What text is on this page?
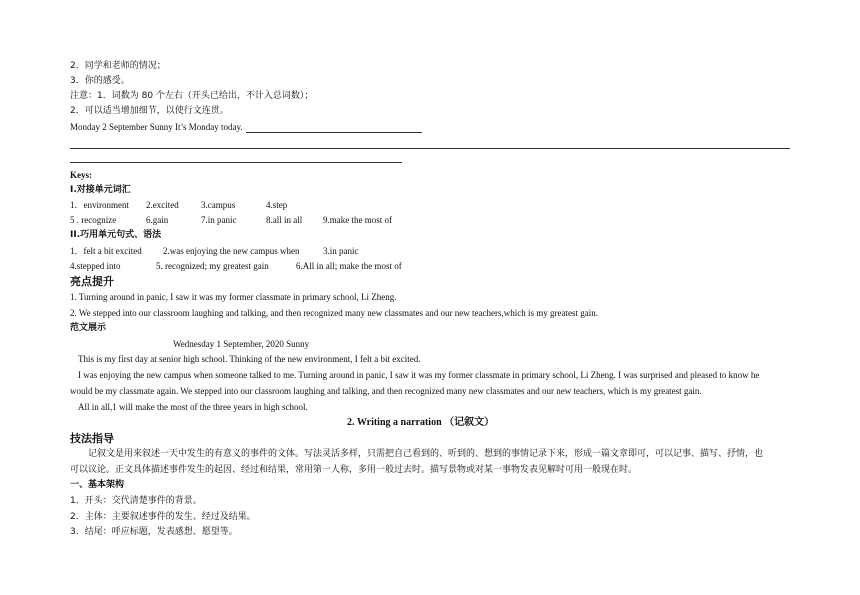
2．同学和老师的情况；
3．你的感受。
注意：1．词数为 80 个左右（开头已给出，不计入总词数）；
2．可以适当增加细节，以使行文连贯。
Monday 2 September Sunny It’s Monday today.
Keys:
I.对接单元词汇
1．environment 2.excited 3.campus	4.step
5 . recognize	6.gain	7.in panic	8.all in all 9.make the most of
II.巧用单元句式、语法
1．felt a bit excited 2.was enjoying the new campus when	3.in panic
4.stepped into	5. recognized; my greatest gain	6.All in all; make the most of
亮点提升
1. Turning around in panic, I saw it was my former classmate in primary school, Li Zheng.
2. We stepped into our classroom laughing and talking, and then recognized many new classmates and our new teachers,which is my greatest gain.
范文展示
Wednesday 1 September, 2020 Sunny
This is my first day at senior high school. Thinking of the new environment, I felt a bit excited.
I was enjoying the new campus when someone talked to me. Turning around in panic, I saw it was my former classmate in primary school, Li Zheng. I was surprised and pleased to know he
would be my classmate again. We stepped into our classroom laughing and talking, and then recognized many new classmates and our new teachers, which is my greatest gain.
All in all,1 will make the most of the three years in high school.
2. Writing a narration （记叙文）
技法指导
记叙文是用来叙述一天中发生的有意义的事件的文体。写法灵活多样，只需把自己看到的、听到的、想到的事情记录下来，形成一篇文章即可，可以记事、描写、抒情，也
可以议论。正文具体描述事件发生的起因、经过和结果，常用第一人称，多用一般过去时。描写景物或对某一事物发表见解时可用一般现在时。
一、基本架构
1．开头：交代清楚事件的背景。
2．主体：主要叙述事件的发生、经过及结果。
3．结尾：呼应标题，发表感想、愿望等。
